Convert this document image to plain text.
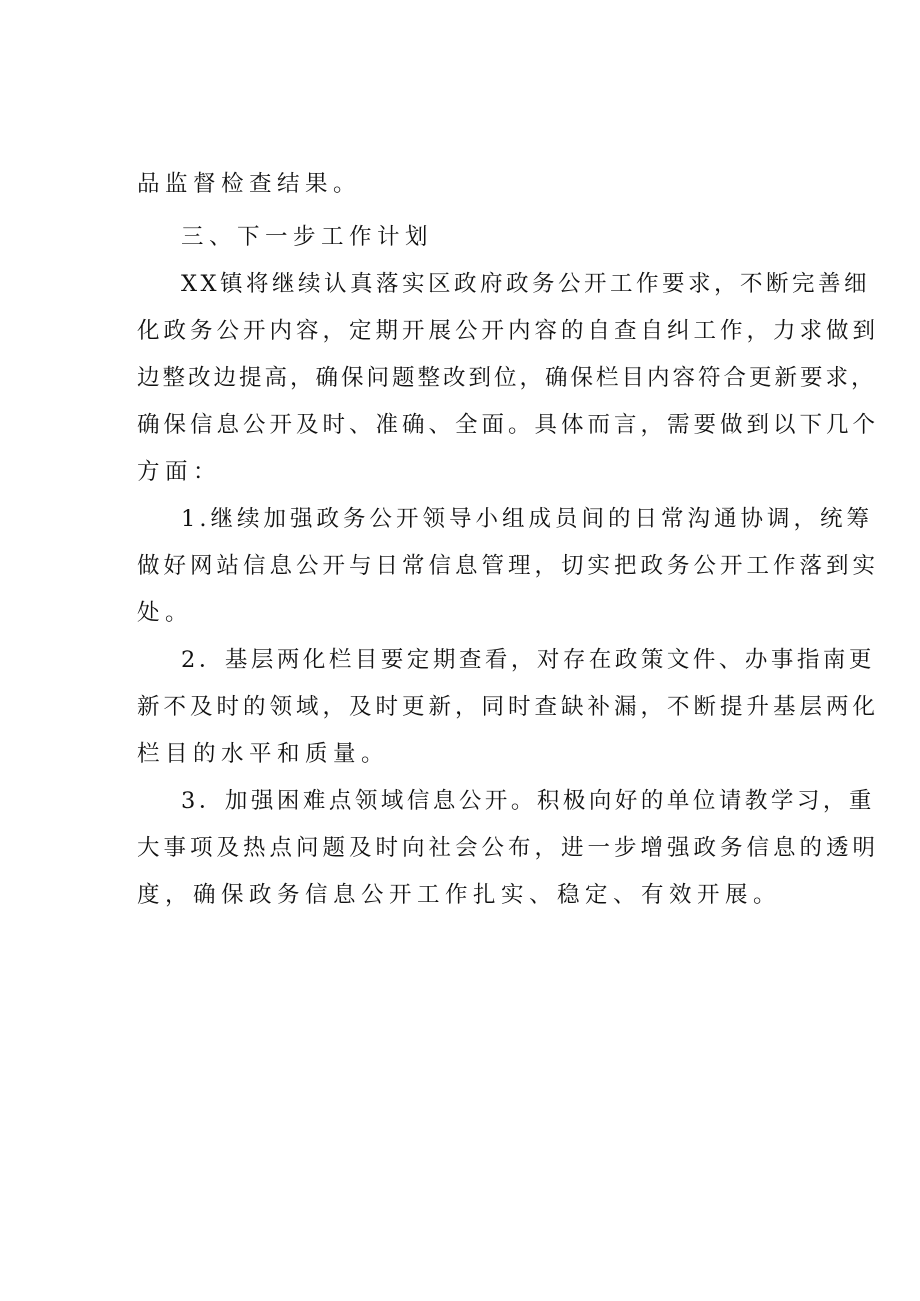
品监督检查结果。
三、下一步工作计划
XX镇将继续认真落实区政府政务公开工作要求，不断完善细
化政务公开内容，定期开展公开内容的自查自纠工作，力求做到
边整改边提高，确保问题整改到位，确保栏目内容符合更新要求，
确保信息公开及时、准确、全面。具体而言，需要做到以下几个
方面：
1.继续加强政务公开领导小组成员间的日常沟通协调，统筹
做好网站信息公开与日常信息管理，切实把政务公开工作落到实
处。
2．基层两化栏目要定期查看，对存在政策文件、办事指南更
新不及时的领域，及时更新，同时查缺补漏，不断提升基层两化
栏目的水平和质量。
3．加强困难点领域信息公开。积极向好的单位请教学习，重
大事项及热点问题及时向社会公布，进一步增强政务信息的透明
度，确保政务信息公开工作扎实、稳定、有效开展。
